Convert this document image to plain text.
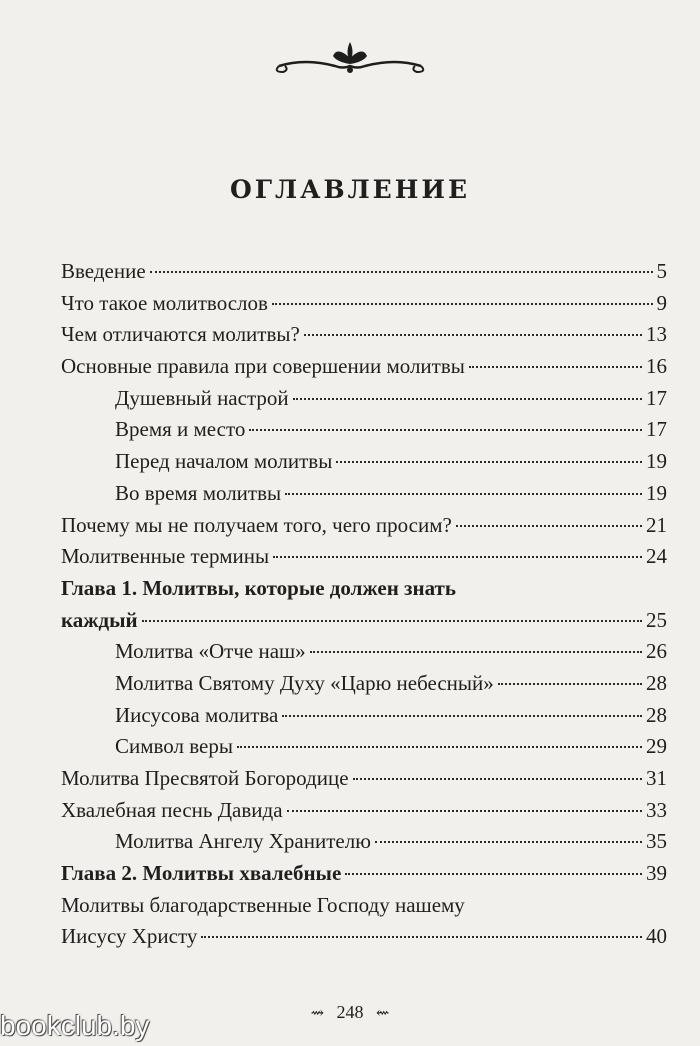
оглавление
Введение	5
Что такое молитвослов	9
Чем отличаются молитвы?	13
Основные правила при совершении молитвы	16
Душевный настрой	17
Время и место	17
Перед началом молитвы	19
Во время молитвы	19
Почему мы не получаем того, чего просим?	21
Молитвенные термины	24
Глава 1. Молитвы, которые должен знать
каждый	25
Молитва «Отче наш»	26
Молитва Святому Духу «Царю небесный»	28
Иисусова молитва	28
Символ веры	29
Молитва Пресвятой Богородице	31
Хвалебная песнь Давида	33
Молитва Ангелу Хранителю	35
Глава 2. Молитвы хвалебные	39
Молитвы благодарственные Господу нашему
Иисусу Христу	40
⇝ 248 ⇜
bookclub.by
